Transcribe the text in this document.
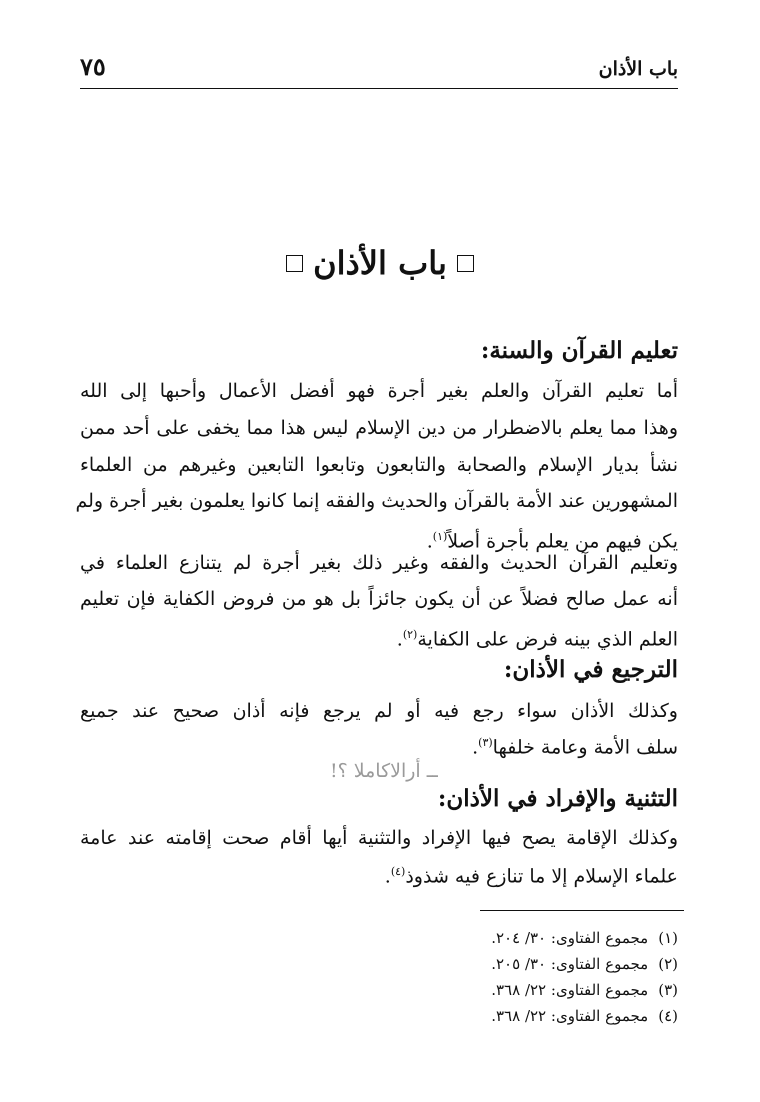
باب الأذان
٧٥
باب الأذان
تعليم القرآن والسنة:
أما تعليم القرآن والعلم بغير أجرة فهو أفضل الأعمال وأحبها إلى الله
وهذا مما يعلم بالاضطرار من دين الإسلام ليس هذا مما يخفى على أحد ممن
نشأ بديار الإسلام والصحابة والتابعون وتابعوا التابعين وغيرهم من العلماء
المشهورين عند الأمة بالقرآن والحديث والفقه إنما كانوا يعلمون بغير أجرة ولم
يكن فيهم من يعلم بأجرة أصلاً$^{(١)}$.
وتعليم القرآن الحديث والفقه وغير ذلك بغير أجرة لم يتنازع العلماء في
أنه عمل صالح فضلاً عن أن يكون جائزاً بل هو من فروض الكفاية فإن تعليم
العلم الذي بينه فرض على الكفاية$^{(٢)}$.
الترجيع في الأذان:
وكذلك الأذان سواء رجع فيه أو لم يرجع فإنه أذان صحيح عند جميع
سلف الأمة وعامة خلفها$^{(٣)}$.
ــ أرالاكاملا ؟!
التثنية والإفراد في الأذان:
وكذلك الإقامة يصح فيها الإفراد والتثنية أيها أقام صحت إقامته عند عامة
علماء الإسلام إلا ما تنازع فيه شذوذ$^{(٤)}$.
(١)مجموع الفتاوى: ٣٠/ ٢٠٤.
(٢)مجموع الفتاوى: ٣٠/ ٢٠٥.
(٣)مجموع الفتاوى: ٢٢/ ٣٦٨.
(٤)مجموع الفتاوى: ٢٢/ ٣٦٨.
